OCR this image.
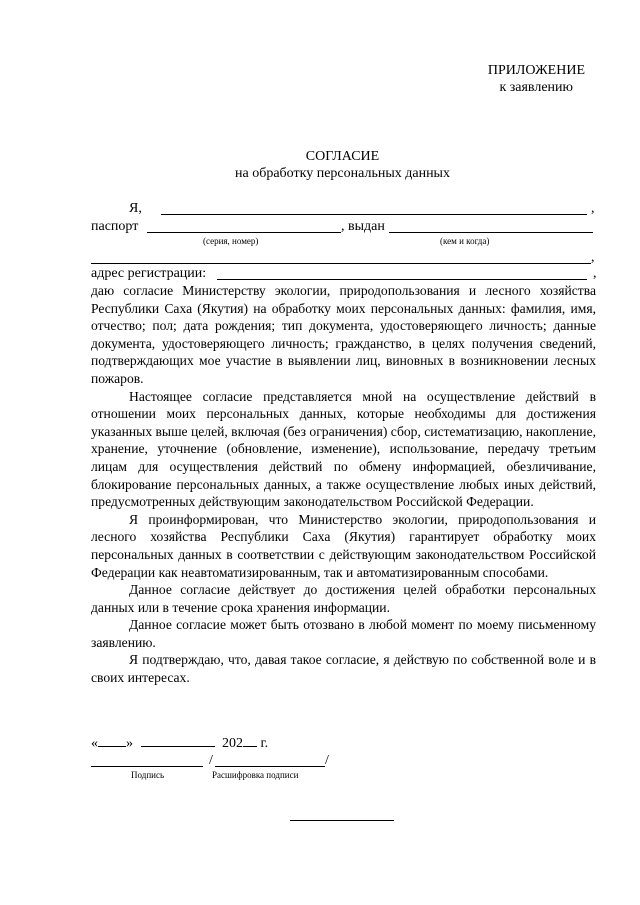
ПРИЛОЖЕНИЕ
к заявлению
СОГЛАСИЕ
на обработку персональных данных
Я,	,
паспорт	, выдан
(серия, номер)	(кем и когда)
,
адрес регистрации:	,

даю согласие Министерству экологии, природопользования и лесного хозяйства Республики Саха (Якутия) на обработку моих персональных данных: фамилия, имя, отчество; пол; дата рождения; тип документа, удостоверяющего личность; данные документа, удостоверяющего личность; гражданство, в целях получения сведений, подтверждающих мое участие в выявлении лиц, виновных в возникновении лесных пожаров.

Настоящее согласие представляется мной на осуществление действий в отношении моих персональных данных, которые необходимы для достижения указанных выше целей, включая (без ограничения) сбор, систематизацию, накопление, хранение, уточнение (обновление, изменение), использование, передачу третьим лицам для осуществления действий по обмену информацией, обезличивание, блокирование персональных данных, а также осуществление любых иных действий, предусмотренных действующим законодательством Российской Федерации.

Я проинформирован, что Министерство экологии, природопользования и лесного хозяйства Республики Саха (Якутия) гарантирует обработку моих персональных данных в соответствии с действующим законодательством Российской Федерации как неавтоматизированным, так и автоматизированным способами.

Данное согласие действует до достижения целей обработки персональных данных или в течение срока хранения информации.

Данное согласие может быть отозвано в любой момент по моему письменному заявлению.

Я подтверждаю, что, давая такое согласие, я действую по собственной воле и в своих интересах.

« »	202 г.
/	/
Подпись	Расшифровка подписи
